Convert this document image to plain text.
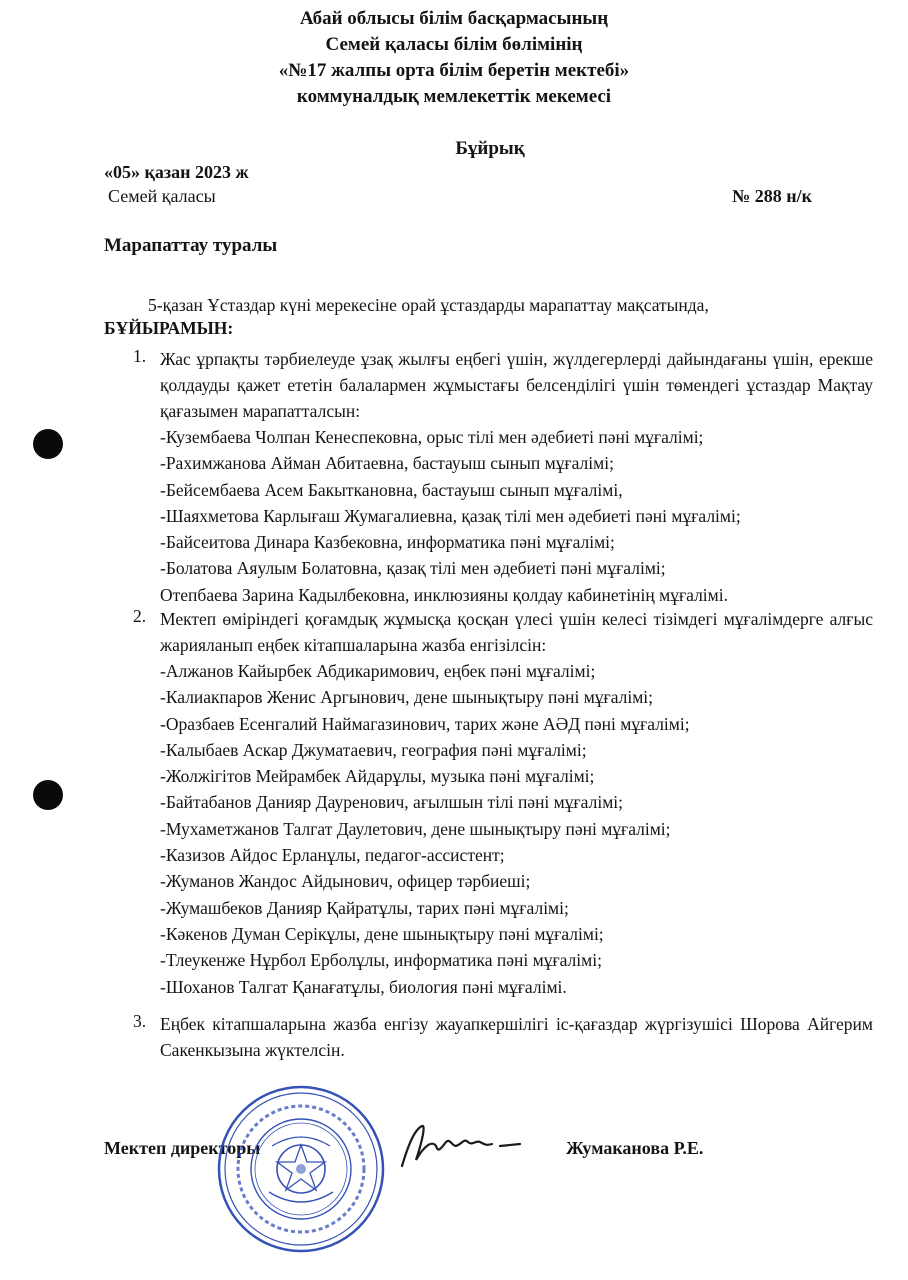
Абай облысы білім басқармасының
Семей қаласы білім бөлімінің
«№17 жалпы орта білім беретін мектебі»
коммуналдық мемлекеттік мекемесі
Бұйрық
«05» қазан 2023 ж
Семей қаласы	№ 288 н/к
Марапаттау туралы
5-қазан Ұстаздар күні мерекесіне орай ұстаздарды марапаттау мақсатында,
БҰЙЫРАМЫН:
1. Жас ұрпақты тәрбиелеуде ұзақ жылғы еңбегі үшін, жүлдегерлерді дайындағаны үшін, ерекше қолдауды қажет ететін балалармен жұмыстағы белсенділігі үшін төмендегі ұстаздар Мақтау қағазымен марапатталсын:
-Кузембаева Чолпан Кенеспековна, орыс тілі мен әдебиеті пәні мұғалімі;
-Рахимжанова Айман Абитаевна, бастауыш сынып мұғалімі;
-Бейсембаева Асем Бакыткановна, бастауыш сынып мұғалімі,
-Шаяхметова Карлығаш Жумагалиевна, қазақ тілі мен әдебиеті пәні мұғалімі;
-Байсеитова Динара Казбековна, информатика пәні мұғалімі;
-Болатова Аяулым Болатовна, қазақ тілі мен әдебиеті пәні мұғалімі;
Отепбаева Зарина Кадылбековна, инклюзияны қолдау кабинетінің мұғалімі.
2. Мектеп өміріндегі қоғамдық жұмысқа қосқан үлесі үшін келесі тізімдегі мұғалімдерге алғыс жарияланып еңбек кітапшаларына жазба енгізілсін:
-Алжанов Кайырбек Абдикаримович, еңбек пәні мұғалімі;
-Калиакпаров Женис Аргынович, дене шынықтыру пәні мұғалімі;
-Оразбаев Есенгалий Наймагазинович, тарих және АӘД пәні мұғалімі;
-Калыбаев Аскар Джуматаевич, география пәні мұғалімі;
-Жолжігітов Мейрамбек Айдарұлы, музыка пәні мұғалімі;
-Байтабанов Данияр Дауренович, ағылшын тілі пәні мұғалімі;
-Мухаметжанов Талгат Даулетович, дене шынықтыру пәні мұғалімі;
-Казизов Айдос Ерланұлы, педагог-ассистент;
-Жуманов Жандос Айдынович, офицер тәрбиеші;
-Жумашбеков Данияр Қайратұлы, тарих пәні мұғалімі;
-Кәкенов Думан Серікұлы, дене шынықтыру пәні мұғалімі;
-Тлеукенже Нұрбол Ерболұлы, информатика пәні мұғалімі;
-Шоханов Талгат Қанағатұлы, биология пәні мұғалімі.
3. Еңбек кітапшаларына жазба енгізу жауапкершілігі іс-қағаздар жүргізушісі Шорова Айгерим Сакенкызына жүктелсін.
Мектеп директоры	Жумаканова Р.Е.
